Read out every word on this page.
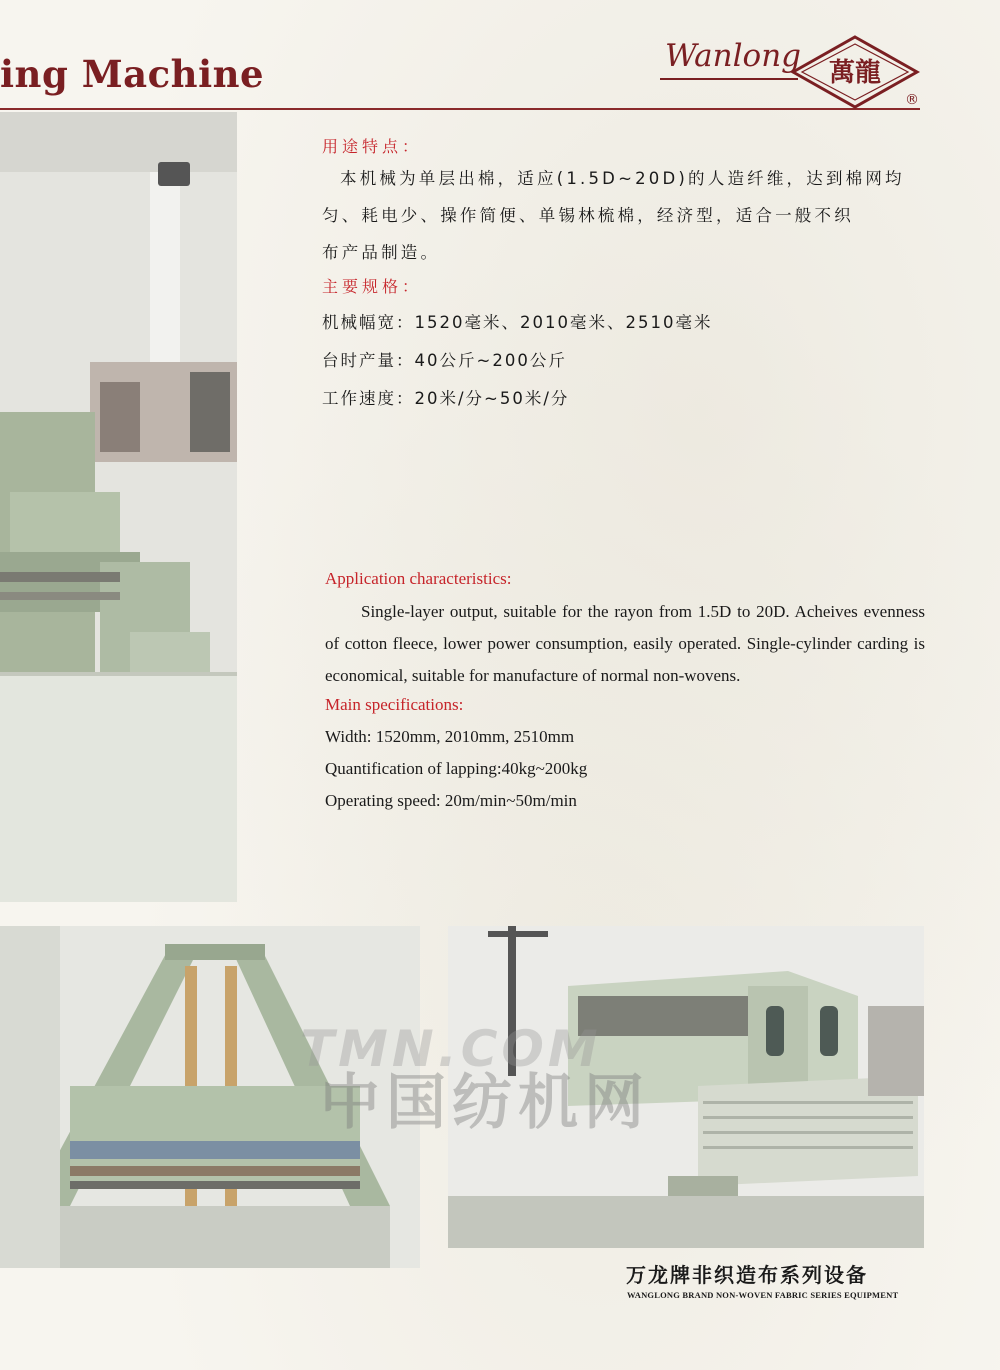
ing Machine	Wanlong 萬龍
®
用途特点：
本机械为单层出棉，适应(1.5D~20D)的人造纤维，达到棉网均
匀、耗电少、操作简便、单锡林梳棉，经济型，适合一般不织
布产品制造。
主要规格：
机械幅宽：1520毫米、2010毫米、2510毫米
台时产量：40公斤~200公斤
工作速度：20米/分~50米/分
Application characteristics:
Single-layer output, suitable for the rayon from 1.5D to 20D. Acheives evenness of cotton fleece, lower power consumption, easily operated. Single-cylinder carding is economical, suitable for manufacture of normal non-wovens.
Main specifications:
Width: 1520mm, 2010mm, 2510mm
Quantification of lapping:40kg~200kg
Operating speed: 20m/min~50m/min
TMN.COM
中国纺机网
万龙牌非织造布系列设备
WANGLONG BRAND NON-WOVEN FABRIC SERIES EQUIPMENT
